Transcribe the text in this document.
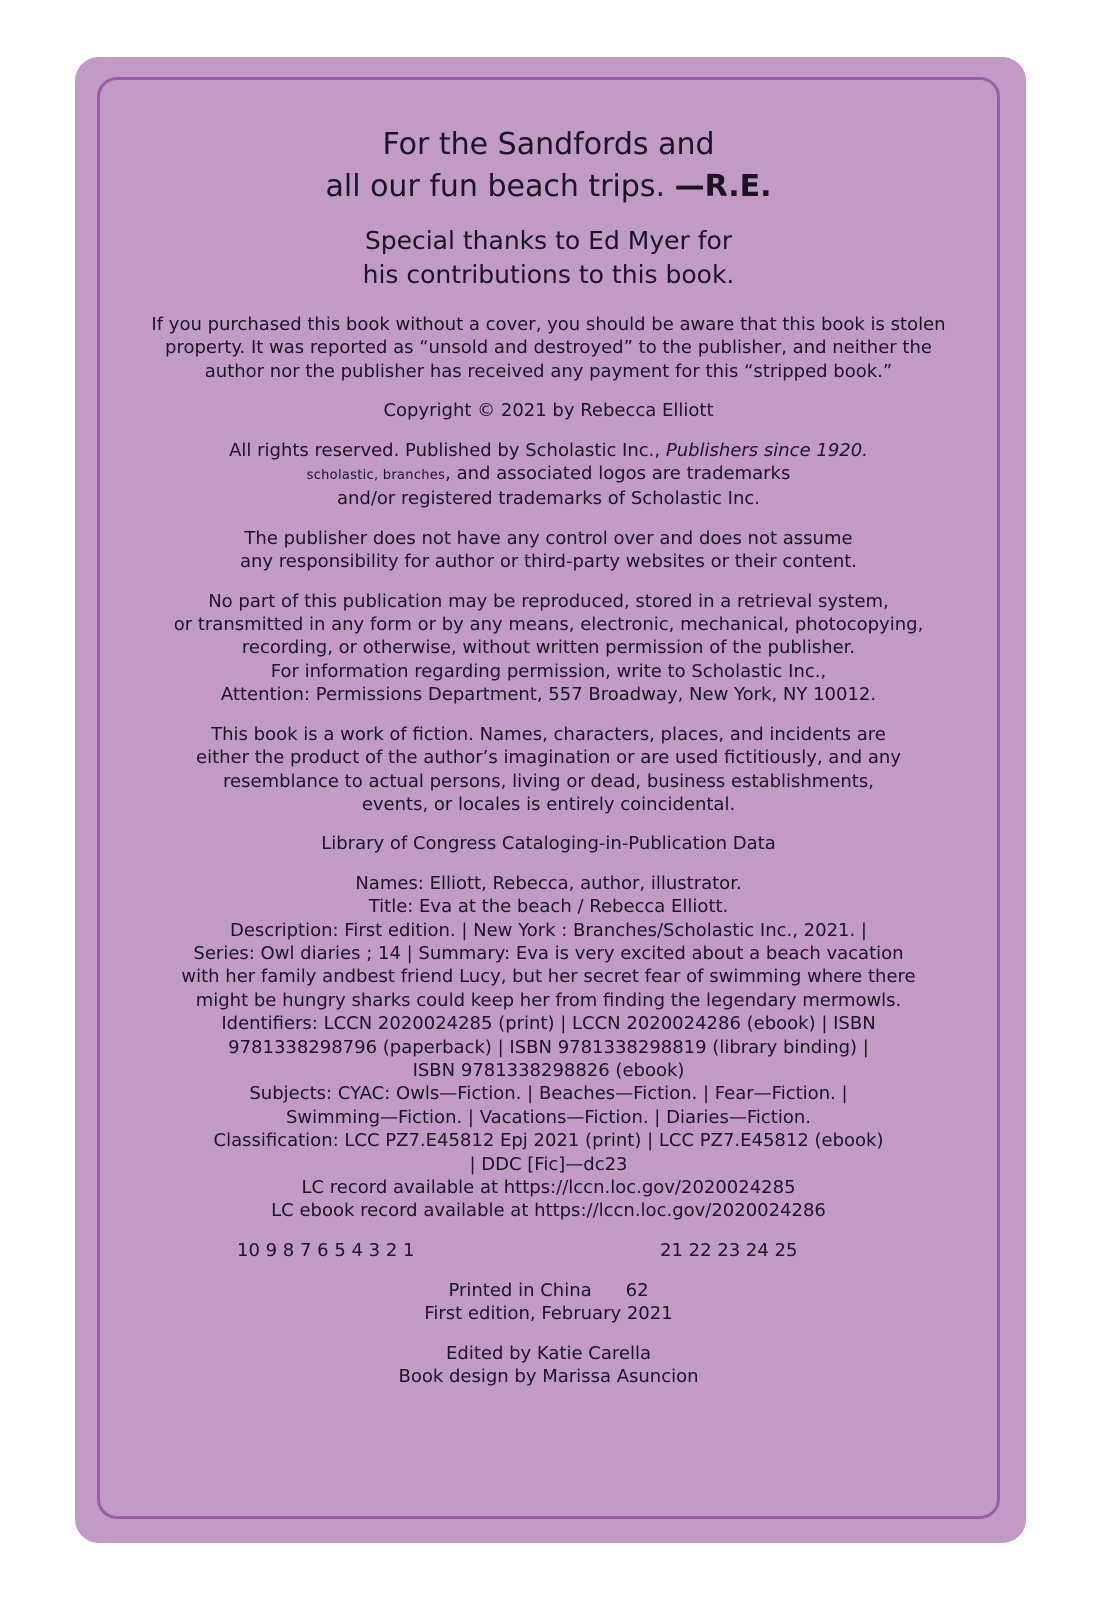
For the Sandfords and
all our fun beach trips. —R.E.
Special thanks to Ed Myer for
his contributions to this book.
If you purchased this book without a cover, you should be aware that this book is stolen
property. It was reported as “unsold and destroyed” to the publisher, and neither the
author nor the publisher has received any payment for this “stripped book.”
Copyright © 2021 by Rebecca Elliott
All rights reserved. Published by Scholastic Inc., Publishers since 1920.
scholastic, branches, and associated logos are trademarks
and/or registered trademarks of Scholastic Inc.
The publisher does not have any control over and does not assume
any responsibility for author or third-party websites or their content.
No part of this publication may be reproduced, stored in a retrieval system,
or transmitted in any form or by any means, electronic, mechanical, photocopying,
recording, or otherwise, without written permission of the publisher.
For information regarding permission, write to Scholastic Inc.,
Attention: Permissions Department, 557 Broadway, New York, NY 10012.
This book is a work of fiction. Names, characters, places, and incidents are
either the product of the author’s imagination or are used fictitiously, and any
resemblance to actual persons, living or dead, business establishments,
events, or locales is entirely coincidental.
Library of Congress Cataloging-in-Publication Data
Names: Elliott, Rebecca, author, illustrator.
Title: Eva at the beach / Rebecca Elliott.
Description: First edition. | New York : Branches/Scholastic Inc., 2021. |
Series: Owl diaries ; 14 | Summary: Eva is very excited about a beach vacation
with her family andbest friend Lucy, but her secret fear of swimming where there
might be hungry sharks could keep her from finding the legendary mermowls.
Identifiers: LCCN 2020024285 (print) | LCCN 2020024286 (ebook) | ISBN
9781338298796 (paperback) | ISBN 9781338298819 (library binding) |
ISBN 9781338298826 (ebook)
Subjects: CYAC: Owls—Fiction. | Beaches—Fiction. | Fear—Fiction. |
Swimming—Fiction. | Vacations—Fiction. | Diaries—Fiction.
Classification: LCC PZ7.E45812 Epj 2021 (print) | LCC PZ7.E45812 (ebook)
| DDC [Fic]—dc23
LC record available at https://lccn.loc.gov/2020024285
LC ebook record available at https://lccn.loc.gov/2020024286
10 9 8 7 6 5 4 3 2 1	21 22 23 24 25
Printed in China 62
First edition, February 2021
Edited by Katie Carella
Book design by Marissa Asuncion
